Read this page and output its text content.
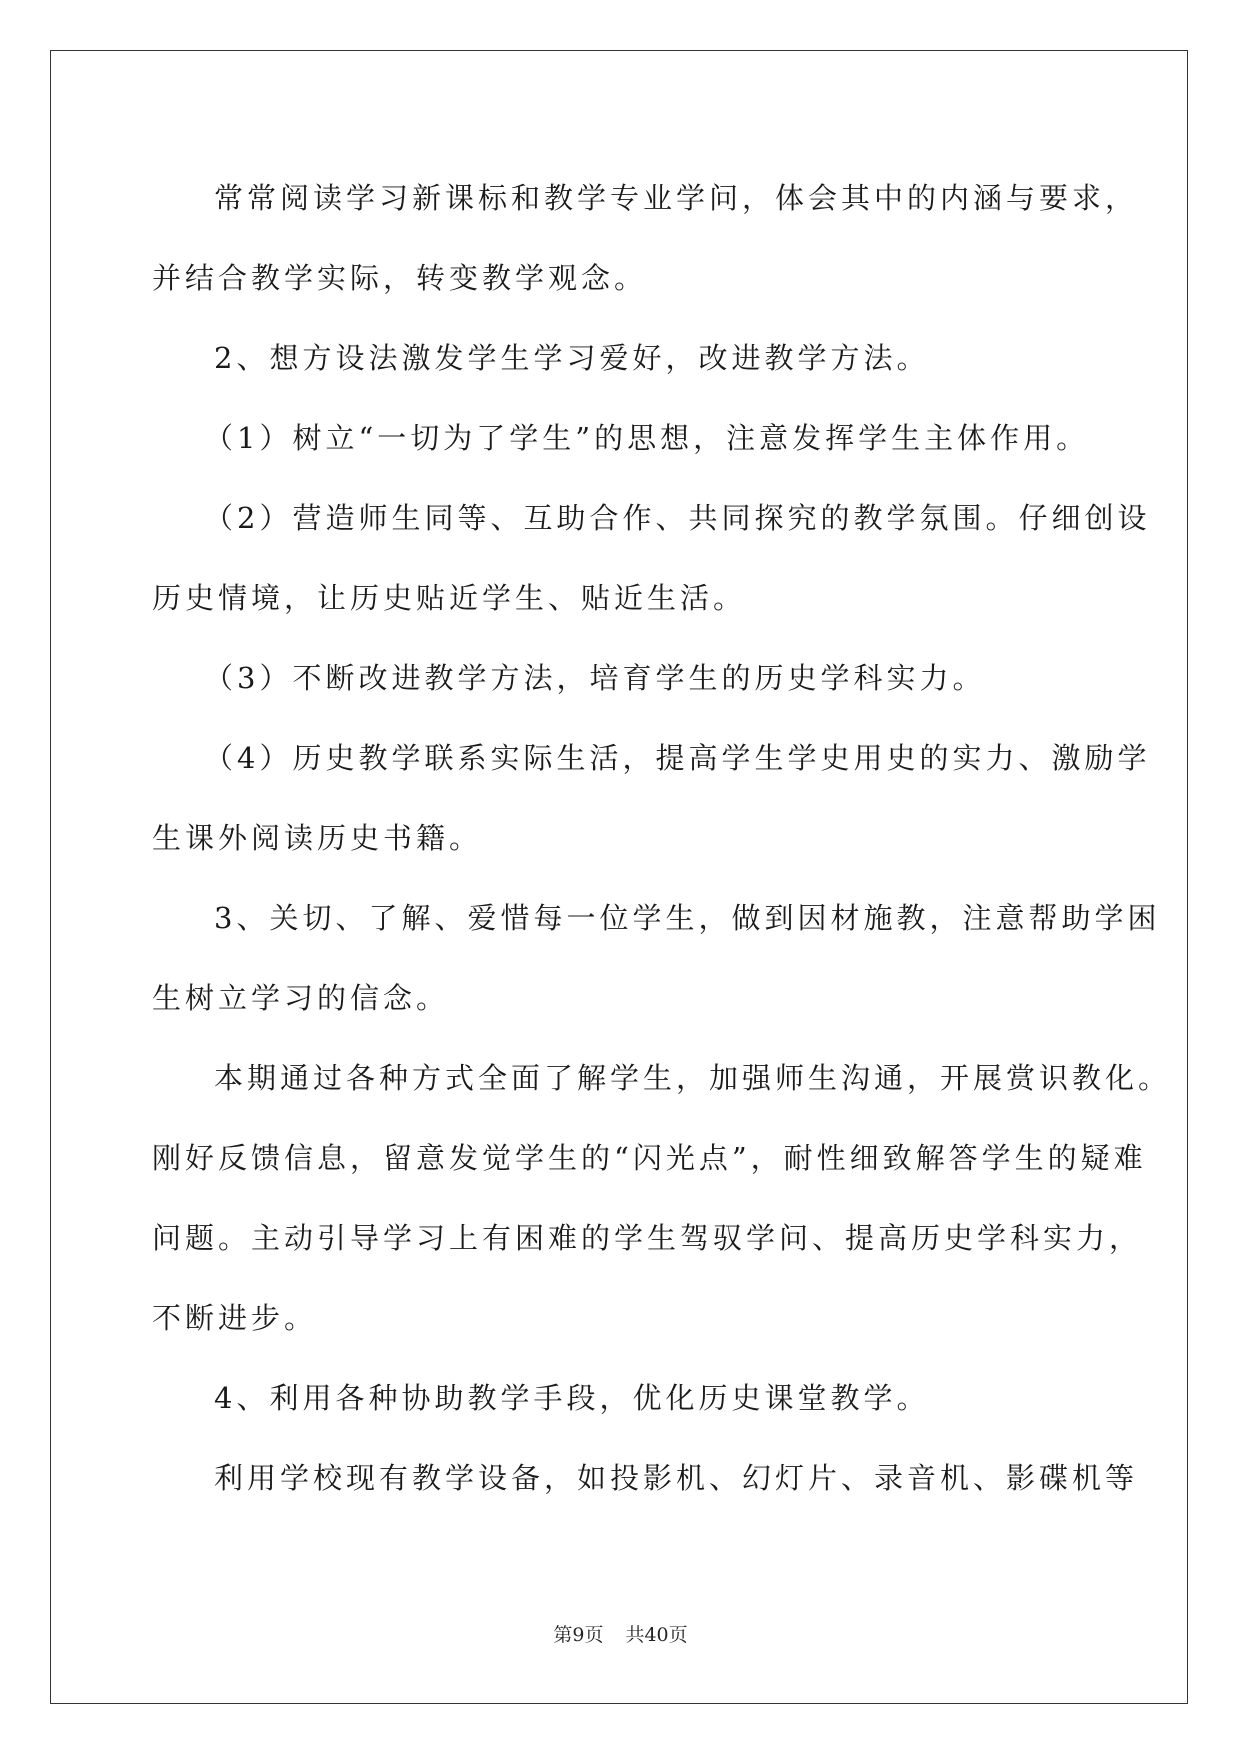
常常阅读学习新课标和教学专业学问，体会其中的内涵与要求，

并结合教学实际，转变教学观念。

2、想方设法激发学生学习爱好，改进教学方法。

（1）树立“一切为了学生”的思想，注意发挥学生主体作用。

（2）营造师生同等、互助合作、共同探究的教学氛围。仔细创设

历史情境，让历史贴近学生、贴近生活。

（3）不断改进教学方法，培育学生的历史学科实力。

（4）历史教学联系实际生活，提高学生学史用史的实力、激励学

生课外阅读历史书籍。

3、关切、了解、爱惜每一位学生，做到因材施教，注意帮助学困

生树立学习的信念。

本期通过各种方式全面了解学生，加强师生沟通，开展赏识教化。

刚好反馈信息，留意发觉学生的“闪光点”，耐性细致解答学生的疑难

问题。主动引导学习上有困难的学生驾驭学问、提高历史学科实力，

不断进步。

4、利用各种协助教学手段，优化历史课堂教学。

利用学校现有教学设备，如投影机、幻灯片、录音机、影碟机等

第9页 共40页
